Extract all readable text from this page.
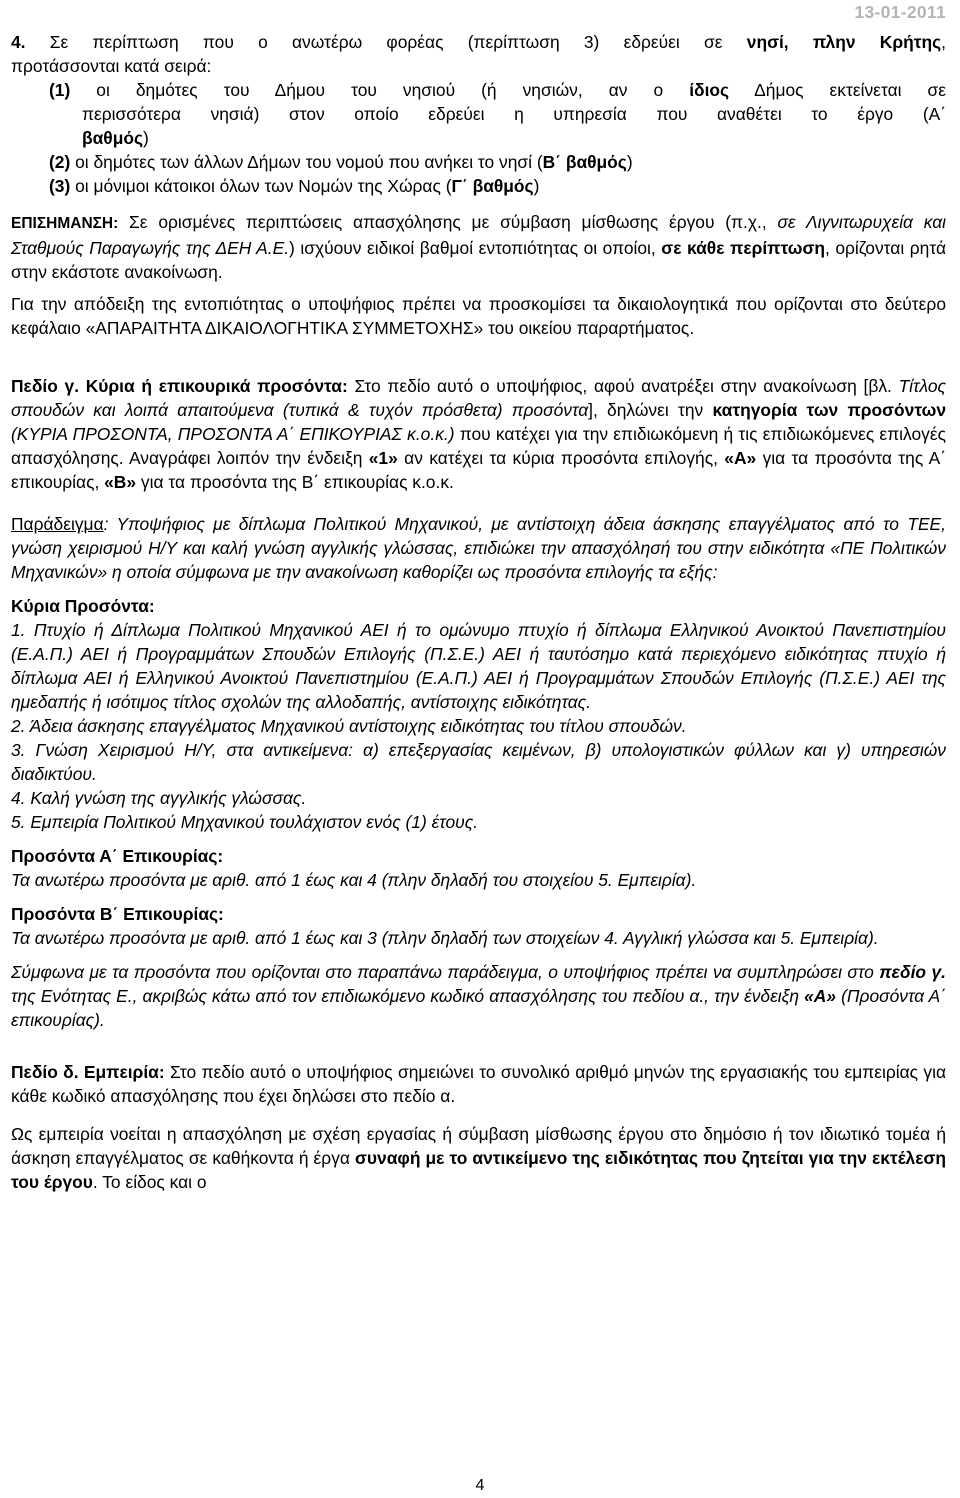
13-01-2011

4. Σε περίπτωση που ο ανωτέρω φορέας (περίπτωση 3) εδρεύει σε νησί, πλην Κρήτης,

προτάσσονται κατά σειρά:

(1) οι δημότες του Δήμου του νησιού (ή νησιών, αν ο ίδιος Δήμος εκτείνεται σε

περισσότερα νησιά) στον οποίο εδρεύει η υπηρεσία που αναθέτει το έργο (Α΄

βαθμός)

(2) οι δημότες των άλλων Δήμων του νομού που ανήκει το νησί (Β΄ βαθμός)

(3) οι μόνιμοι κάτοικοι όλων των Νομών της Χώρας (Γ΄ βαθμός)

ΕΠΙΣΗΜΑΝΣΗ: Σε ορισμένες περιπτώσεις απασχόλησης με σύμβαση μίσθωσης έργου (π.χ., σε Λιγνιτωρυχεία και Σταθμούς Παραγωγής της ΔΕΗ Α.Ε.) ισχύουν ειδικοί βαθμοί εντοπιότητας οι οποίοι, σε κάθε περίπτωση, ορίζονται ρητά στην εκάστοτε ανακοίνωση.

Για την απόδειξη της εντοπιότητας ο υποψήφιος πρέπει να προσκομίσει τα δικαιολογητικά που ορίζονται στο δεύτερο κεφάλαιο «ΑΠΑΡΑΙΤΗΤΑ ΔΙΚΑΙΟΛΟΓΗΤΙΚΑ ΣΥΜΜΕΤΟΧΗΣ» του οικείου παραρτήματος.

Πεδίο γ. Κύρια ή επικουρικά προσόντα: Στο πεδίο αυτό ο υποψήφιος, αφού ανατρέξει στην ανακοίνωση [βλ. Τίτλος σπουδών και λοιπά απαιτούμενα (τυπικά & τυχόν πρόσθετα) προσόντα], δηλώνει την κατηγορία των προσόντων (ΚΥΡΙΑ ΠΡΟΣΟΝΤΑ, ΠΡΟΣΟΝΤΑ Α΄ ΕΠΙΚΟΥΡΙΑΣ κ.ο.κ.) που κατέχει για την επιδιωκόμενη ή τις επιδιωκόμενες επιλογές απασχόλησης. Αναγράφει λοιπόν την ένδειξη «1» αν κατέχει τα κύρια προσόντα επιλογής, «Α» για τα προσόντα της Α΄ επικουρίας, «Β» για τα προσόντα της Β΄ επικουρίας κ.ο.κ.

Παράδειγμα: Υποψήφιος με δίπλωμα Πολιτικού Μηχανικού, με αντίστοιχη άδεια άσκησης επαγγέλματος από το ΤΕΕ, γνώση χειρισμού Η/Υ και καλή γνώση αγγλικής γλώσσας, επιδιώκει την απασχόλησή του στην ειδικότητα «ΠΕ Πολιτικών Μηχανικών» η οποία σύμφωνα με την ανακοίνωση καθορίζει ως προσόντα επιλογής τα εξής:

Κύρια Προσόντα:

1. Πτυχίο ή Δίπλωμα Πολιτικού Μηχανικού ΑΕΙ ή το ομώνυμο πτυχίο ή δίπλωμα Ελληνικού Ανοικτού Πανεπιστημίου (Ε.Α.Π.) ΑΕΙ ή Προγραμμάτων Σπουδών Επιλογής (Π.Σ.Ε.) ΑΕΙ ή ταυτόσημο κατά περιεχόμενο ειδικότητας πτυχίο ή δίπλωμα ΑΕΙ ή Ελληνικού Ανοικτού Πανεπιστημίου (Ε.Α.Π.) ΑΕΙ ή Προγραμμάτων Σπουδών Επιλογής (Π.Σ.Ε.) ΑΕΙ της ημεδαπής ή ισότιμος τίτλος σχολών της αλλοδαπής, αντίστοιχης ειδικότητας.

2. Άδεια άσκησης επαγγέλματος Μηχανικού αντίστοιχης ειδικότητας του τίτλου σπουδών.

3. Γνώση Χειρισμού Η/Υ, στα αντικείμενα: α) επεξεργασίας κειμένων, β) υπολογιστικών φύλλων και γ) υπηρεσιών διαδικτύου.

4. Καλή γνώση της αγγλικής γλώσσας.

5. Εμπειρία Πολιτικού Μηχανικού τουλάχιστον ενός (1) έτους.

Προσόντα Α΄ Επικουρίας:

Τα ανωτέρω προσόντα με αριθ. από 1 έως και 4 (πλην δηλαδή του στοιχείου 5. Εμπειρία).

Προσόντα Β΄ Επικουρίας:

Τα ανωτέρω προσόντα με αριθ. από 1 έως και 3 (πλην δηλαδή των στοιχείων 4. Αγγλική γλώσσα και 5. Εμπειρία).

Σύμφωνα με τα προσόντα που ορίζονται στο παραπάνω παράδειγμα, ο υποψήφιος πρέπει να συμπληρώσει στο πεδίο γ. της Ενότητας Ε., ακριβώς κάτω από τον επιδιωκόμενο κωδικό απασχόλησης του πεδίου α., την ένδειξη «Α» (Προσόντα Α΄ επικουρίας).

Πεδίο δ. Εμπειρία: Στο πεδίο αυτό ο υποψήφιος σημειώνει το συνολικό αριθμό μηνών της εργασιακής του εμπειρίας για κάθε κωδικό απασχόλησης που έχει δηλώσει στο πεδίο α.

Ως εμπειρία νοείται η απασχόληση με σχέση εργασίας ή σύμβαση μίσθωσης έργου στο δημόσιο ή τον ιδιωτικό τομέα ή άσκηση επαγγέλματος σε καθήκοντα ή έργα συναφή με το αντικείμενο της ειδικότητας που ζητείται για την εκτέλεση του έργου. Το είδος και ο

4
